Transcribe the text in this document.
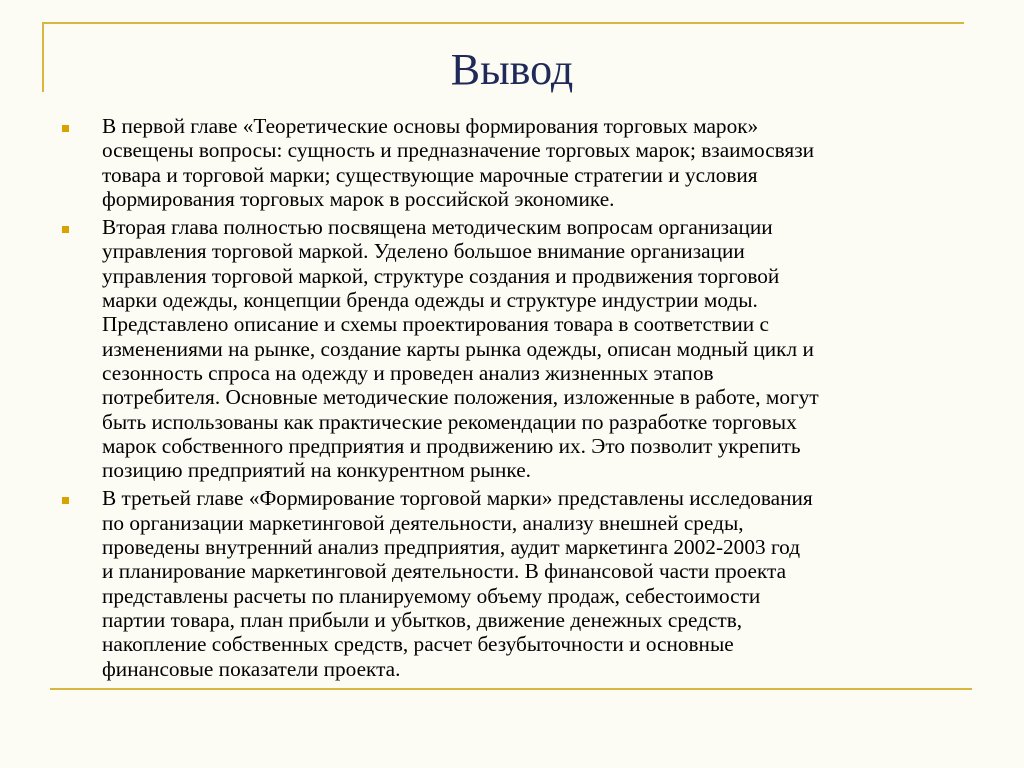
Вывод
В первой главе «Теоретические основы формирования торговых марок»
освещены вопросы: сущность и предназначение торговых марок; взаимосвязи
товара и торговой марки; существующие марочные стратегии и условия
формирования торговых марок в российской экономике.
Вторая глава полностью посвящена методическим вопросам организации
управления торговой маркой. Уделено большое внимание организации
управления торговой маркой, структуре создания и продвижения торговой
марки одежды, концепции бренда одежды и структуре индустрии моды.
Представлено описание и схемы проектирования товара в соответствии с
изменениями на рынке, создание карты рынка одежды, описан модный цикл и
сезонность спроса на одежду и проведен анализ жизненных этапов
потребителя. Основные методические положения, изложенные в работе, могут
быть использованы как практические рекомендации по разработке торговых
марок собственного предприятия и продвижению их. Это позволит укрепить
позицию предприятий на конкурентном рынке.
В третьей главе «Формирование торговой марки» представлены исследования
по организации маркетинговой деятельности, анализу внешней среды,
проведены внутренний анализ предприятия, аудит маркетинга 2002-2003 год
и планирование маркетинговой деятельности. В финансовой части проекта
представлены расчеты по планируемому объему продаж, себестоимости
партии товара, план прибыли и убытков, движение денежных средств,
накопление собственных средств, расчет безубыточности и основные
финансовые показатели проекта.
